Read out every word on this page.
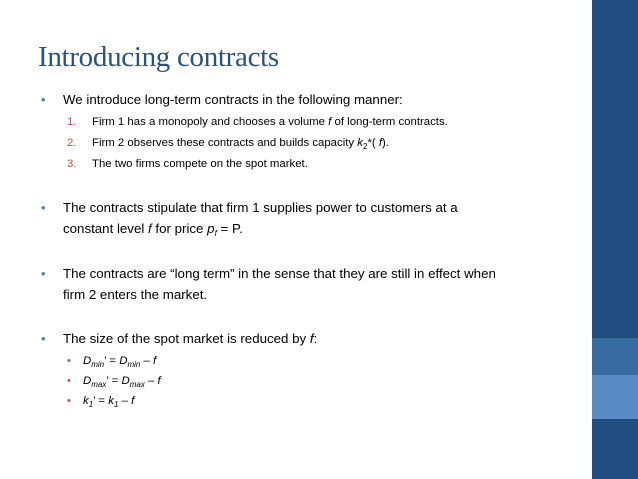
Introducing contracts
• We introduce long-term contracts in the following manner:
1. Firm 1 has a monopoly and chooses a volume f of long-term contracts.
2. Firm 2 observes these contracts and builds capacity $k_2*$( f).
3. The two firms compete on the spot market.
• The contracts stipulate that firm 1 supplies power to customers at a
constant level f for price $p_f = P$.
• The contracts are “long term” in the sense that they are still in effect when
firm 2 enters the market.
• The size of the spot market is reduced by f:
• $D_{min}$’ = $D_{min}$ – f
• $D_{max}$’ = $D_{max}$ – f
• $k_1$’ = $k_1$ – f
